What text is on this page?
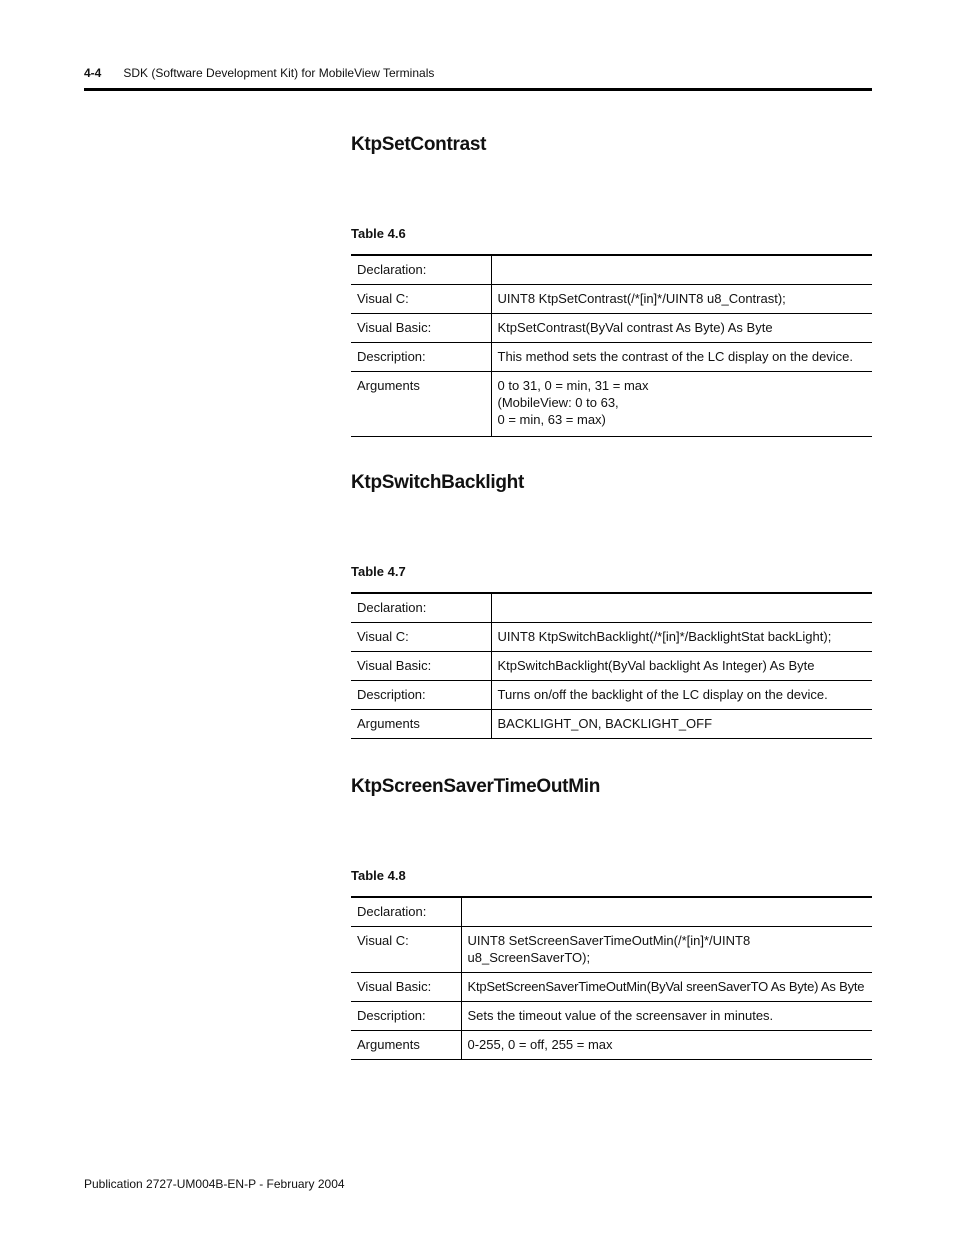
4-4 SDK (Software Development Kit) for MobileView Terminals
KtpSetContrast

Table 4.6

Declaration:	
Visual C:	UINT8 KtpSetContrast(/*[in]*/UINT8 u8_Contrast);
Visual Basic:	KtpSetContrast(ByVal contrast As Byte) As Byte
Description:	This method sets the contrast of the LC display on the device.
Arguments	0 to 31, 0 = min, 31 = max
(MobileView: 0 to 63,
0 = min, 63 = max)
KtpSwitchBacklight

Table 4.7

Declaration:	
Visual C:	UINT8 KtpSwitchBacklight(/*[in]*/BacklightStat backLight);
Visual Basic:	KtpSwitchBacklight(ByVal backlight As Integer) As Byte
Description:	Turns on/off the backlight of the LC display on the device.
Arguments	BACKLIGHT_ON, BACKLIGHT_OFF
KtpScreenSaverTimeOutMin

Table 4.8

Declaration:	
Visual C:	UINT8 SetScreenSaverTimeOutMin(/*[in]*/UINT8 u8_ScreenSaverTO);
Visual Basic:	KtpSetScreenSaverTimeOutMin(ByVal sreenSaverTO As Byte) As Byte
Description:	Sets the timeout value of the screensaver in minutes.
Arguments	0-255, 0 = off, 255 = max
Publication 2727-UM004B-EN-P - February 2004
